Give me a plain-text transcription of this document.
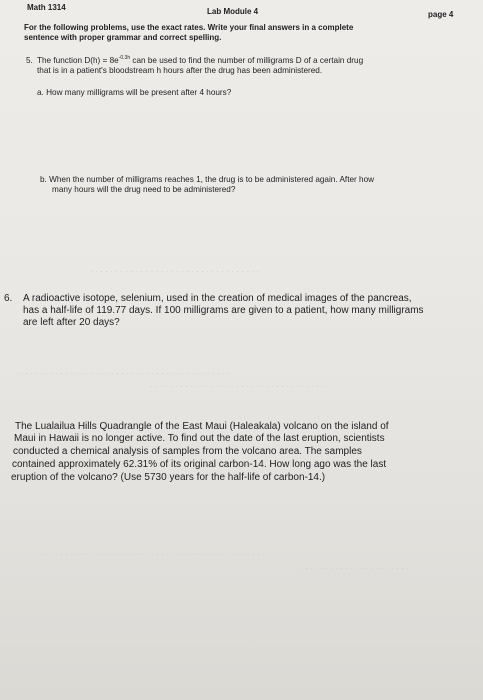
. . . . . . . . . . . . . . . . . . . . . . . . . . . . . . . . . .
. . . . . . . . . . . . . . . . . . . . . . . . . . . . . . . . . . . . . . . . . .
. . . . . . . . . . . . . . . . . . . . . . . . . . . . . . . . . . .
. . . . . . . . . . . . . . . . . . . . . . . . . . . . . . . . . . . . . . . . . . . . . .
. . . . . . . . . . . . . . . . . . . . . .
Math 1314	Lab Module 4	page 4
For the following problems, use the exact rates. Write your final answers in a complete
sentence with proper grammar and correct spelling.
5. The function $D(h) = 8e^{-0.3h}$ can be used to find the number of milligrams D of a certain drug
that is in a patient's bloodstream h hours after the drug has been administered.
a. How many milligrams will be present after 4 hours?
b. When the number of milligrams reaches 1, the drug is to be administered again. After how
many hours will the drug need to be administered?
6. A radioactive isotope, selenium, used in the creation of medical images of the pancreas,
has a half-life of 119.77 days. If 100 milligrams are given to a patient, how many milligrams
are left after 20 days?
The Lualailua Hills Quadrangle of the East Maui (Haleakala) volcano on the island of
Maui in Hawaii is no longer active. To find out the date of the last eruption, scientists
conducted a chemical analysis of samples from the volcano area. The samples
contained approximately 62.31% of its original carbon-14. How long ago was the last
eruption of the volcano? (Use 5730 years for the half-life of carbon-14.)
